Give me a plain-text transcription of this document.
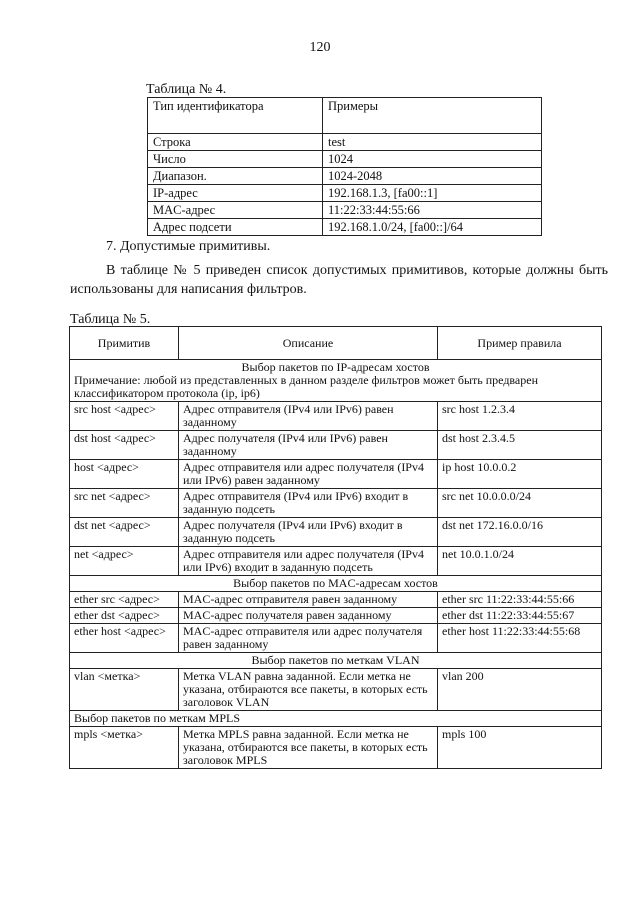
120
Таблица № 4.
Тип идентификатора	Примеры
Строка	test
Число	1024
Диапазон.	1024-2048
IP-адрес	192.168.1.3, [fa00::1]
MAC-адрес	11:22:33:44:55:66
Адрес подсети	192.168.1.0/24, [fa00::]/64
7. Допустимые примитивы.
В таблице № 5 приведен список допустимых примитивов, которые должны быть использованы для написания фильтров.
Таблица № 5.
Примитив	Описание	Пример правила

Выбор пакетов по IP-адресам хостов
Примечание: любой из представленных в данном разделе фильтров может быть предварен классификатором протокола (ip, ip6)		

src host <адрес>	Адрес отправителя (IPv4 или IPv6) равен заданному	src host 1.2.3.4
dst host <адрес>	Адрес получателя (IPv4 или IPv6) равен заданному	dst host 2.3.4.5
host <адрес>	Адрес отправителя или адрес получателя (IPv4 или IPv6) равен заданному	ip host 10.0.0.2
src net <адрес>	Адрес отправителя (IPv4 или IPv6) входит в заданную подсеть	src net 10.0.0.0/24
dst net <адрес>	Адрес получателя (IPv4 или IPv6) входит в заданную подсеть	dst net 172.16.0.0/16
net <адрес>	Адрес отправителя или адрес получателя (IPv4 или IPv6) входит в заданную подсеть	net 10.0.1.0/24
Выбор пакетов по MAC-адресам хостов		
ether src <адрес>	MAC-адрес отправителя равен заданному	ether src 11:22:33:44:55:66
ether dst <адрес>	MAC-адрес получателя равен заданному	ether dst 11:22:33:44:55:67
ether host <адрес>	MAC-адрес отправителя или адрес получателя равен заданному	ether host 11:22:33:44:55:68
Выбор пакетов по меткам VLAN		
vlan <метка>	Метка VLAN равна заданной. Если метка не указана, отбираются все пакеты, в которых есть заголовок VLAN	vlan 200
Выбор пакетов по меткам MPLS		
mpls <метка>	Метка MPLS равна заданной. Если метка не указана, отбираются все пакеты, в которых есть заголовок MPLS	mpls 100
